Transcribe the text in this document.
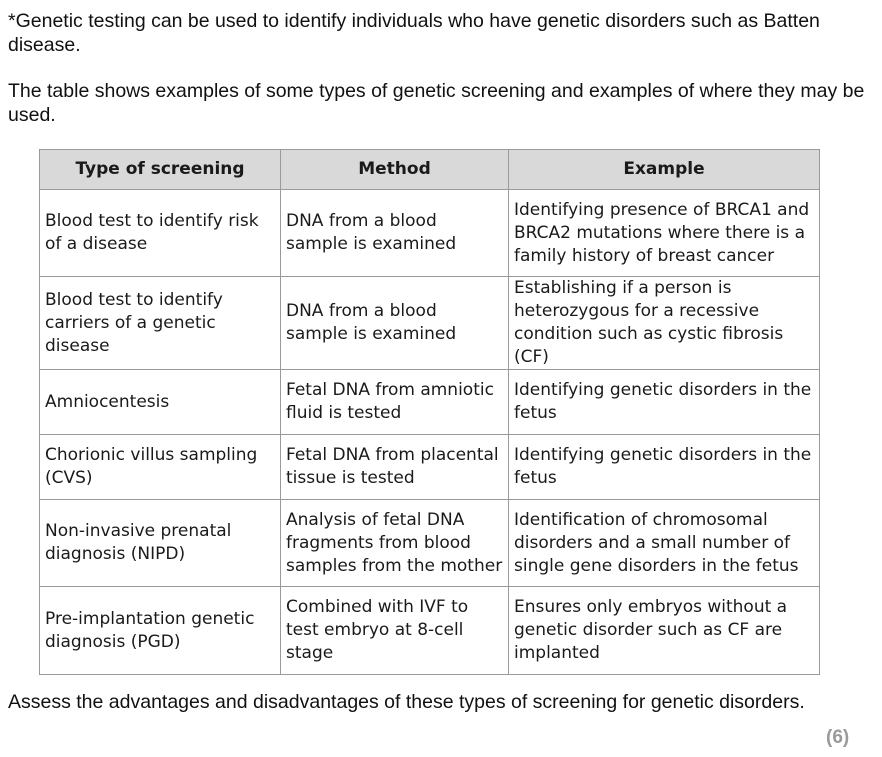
*Genetic testing can be used to identify individuals who have genetic disorders such as Batten disease.

The table shows examples of some types of genetic screening and examples of where they may be used.

Type of screening	Method	Example
Blood test to identify risk of a disease	DNA from a blood sample is examined	Identifying presence of BRCA1 and BRCA2 mutations where there is a family history of breast cancer
Blood test to identify carriers of a genetic disease	DNA from a blood sample is examined	Establishing if a person is heterozygous for a recessive condition such as cystic fibrosis (CF)
Amniocentesis	Fetal DNA from amniotic fluid is tested	Identifying genetic disorders in the fetus
Chorionic villus sampling (CVS)	Fetal DNA from placental tissue is tested	Identifying genetic disorders in the fetus
Non-invasive prenatal diagnosis (NIPD)	Analysis of fetal DNA fragments from blood samples from the mother	Identification of chromosomal disorders and a small number of single gene disorders in the fetus
Pre-implantation genetic diagnosis (PGD)	Combined with IVF to test embryo at 8-cell stage	Ensures only embryos without a genetic disorder such as CF are implanted

Assess the advantages and disadvantages of these types of screening for genetic disorders.

(6)
